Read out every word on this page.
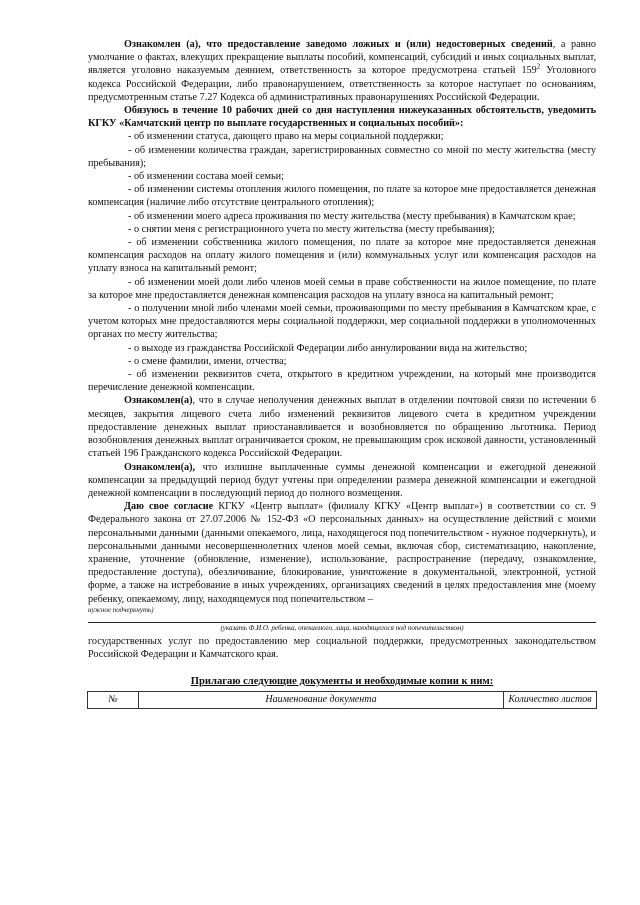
Ознакомлен (а), что предоставление заведомо ложных и (или) недостоверных сведений, а равно умолчание о фактах, влекущих прекращение выплаты пособий, компенсаций, субсидий и иных социальных выплат, является уголовно наказуемым деянием, ответственность за которое предусмотрена статьей $159^2$ Уголовного кодекса Российской Федерации, либо правонарушением, ответственность за которое наступает по основаниям, предусмотренным статье 7.27 Кодекса об административных правонарушениях Российской Федерации.

Обязуюсь в течение 10 рабочих дней со дня наступления нижеуказанных обстоятельств, уведомить КГКУ «Камчатский центр по выплате государственных и социальных пособий»:

- об изменении статуса, дающего право на меры социальной поддержки;

- об изменении количества граждан, зарегистрированных совместно со мной по месту жительства (месту пребывания);

- об изменении состава моей семьи;

- об изменении системы отопления жилого помещения, по плате за которое мне предоставляется денежная компенсация (наличие либо отсутствие центрального отопления);

- об изменении моего адреса проживания по месту жительства (месту пребывания) в Камчатском крае;

- о снятии меня с регистрационного учета по месту жительства (месту пребывания);

- об изменении собственника жилого помещения, по плате за которое мне предоставляется денежная компенсация расходов на оплату жилого помещения и (или) коммунальных услуг или компенсация расходов на уплату взноса на капитальный ремонт;

- об изменении моей доли либо членов моей семьи в праве собственности на жилое помещение, по плате за которое мне предоставляется денежная компенсация расходов на уплату взноса на капитальный ремонт;

- о получении мной либо членами моей семьи, проживающими по месту пребывания в Камчатском крае, с учетом которых мне предоставляются меры социальной поддержки, мер социальной поддержки в уполномоченных органах по месту жительства;

- о выходе из гражданства Российской Федерации либо аннулировании вида на жительство;

- о смене фамилии, имени, отчества;

- об изменении реквизитов счета, открытого в кредитном учреждении, на который мне производится перечисление денежной компенсации.

Ознакомлен(а), что в случае неполучения денежных выплат в отделении почтовой связи по истечении 6 месяцев, закрытия лицевого счета либо изменений реквизитов лицевого счета в кредитном учреждении предоставление денежных выплат приостанавливается и возобновляется по обращению льготника. Период возобновления денежных выплат ограничивается сроком, не превышающим срок исковой давности, установленный статьей 196 Гражданского кодекса Российской Федерации.

Ознакомлен(а), что излишне выплаченные суммы денежной компенсации и ежегодной денежной компенсации за предыдущий период будут учтены при определении размера денежной компенсации и ежегодной денежной компенсации в последующий период до полного возмещения.

Даю свое согласие КГКУ «Центр выплат» (филиалу КГКУ «Центр выплат») в соответствии со ст. 9 Федерального закона от 27.07.2006 № 152-ФЗ «О персональных данных» на осуществление действий с моими персональными данными (данными опекаемого, лица, находящегося под попечительством - нужное подчеркнуть), и персональными данными несовершеннолетних членов моей семьи, включая сбор, систематизацию, накопление, хранение, уточнение (обновление, изменение), использование, распространение (передачу, ознакомление, предоставление доступа), обезличивание, блокирование, уничтожение в документальной, электронной, устной форме, а также на истребование в иных учреждениях, организациях сведений в целях предоставления мне (моему ребенку, опекаемому, лицу, находящемуся под попечительством –

нужное подчеркнуть)

(указать Ф.И.О. ребенка, опекаемого, лица, находящегося под попечительством)

государственных услуг по предоставлению мер социальной поддержки, предусмотренных законодательством Российской Федерации и Камчатского края.

Прилагаю следующие документы и необходимые копии к ним:
№	Наименование документа	Количество листов
